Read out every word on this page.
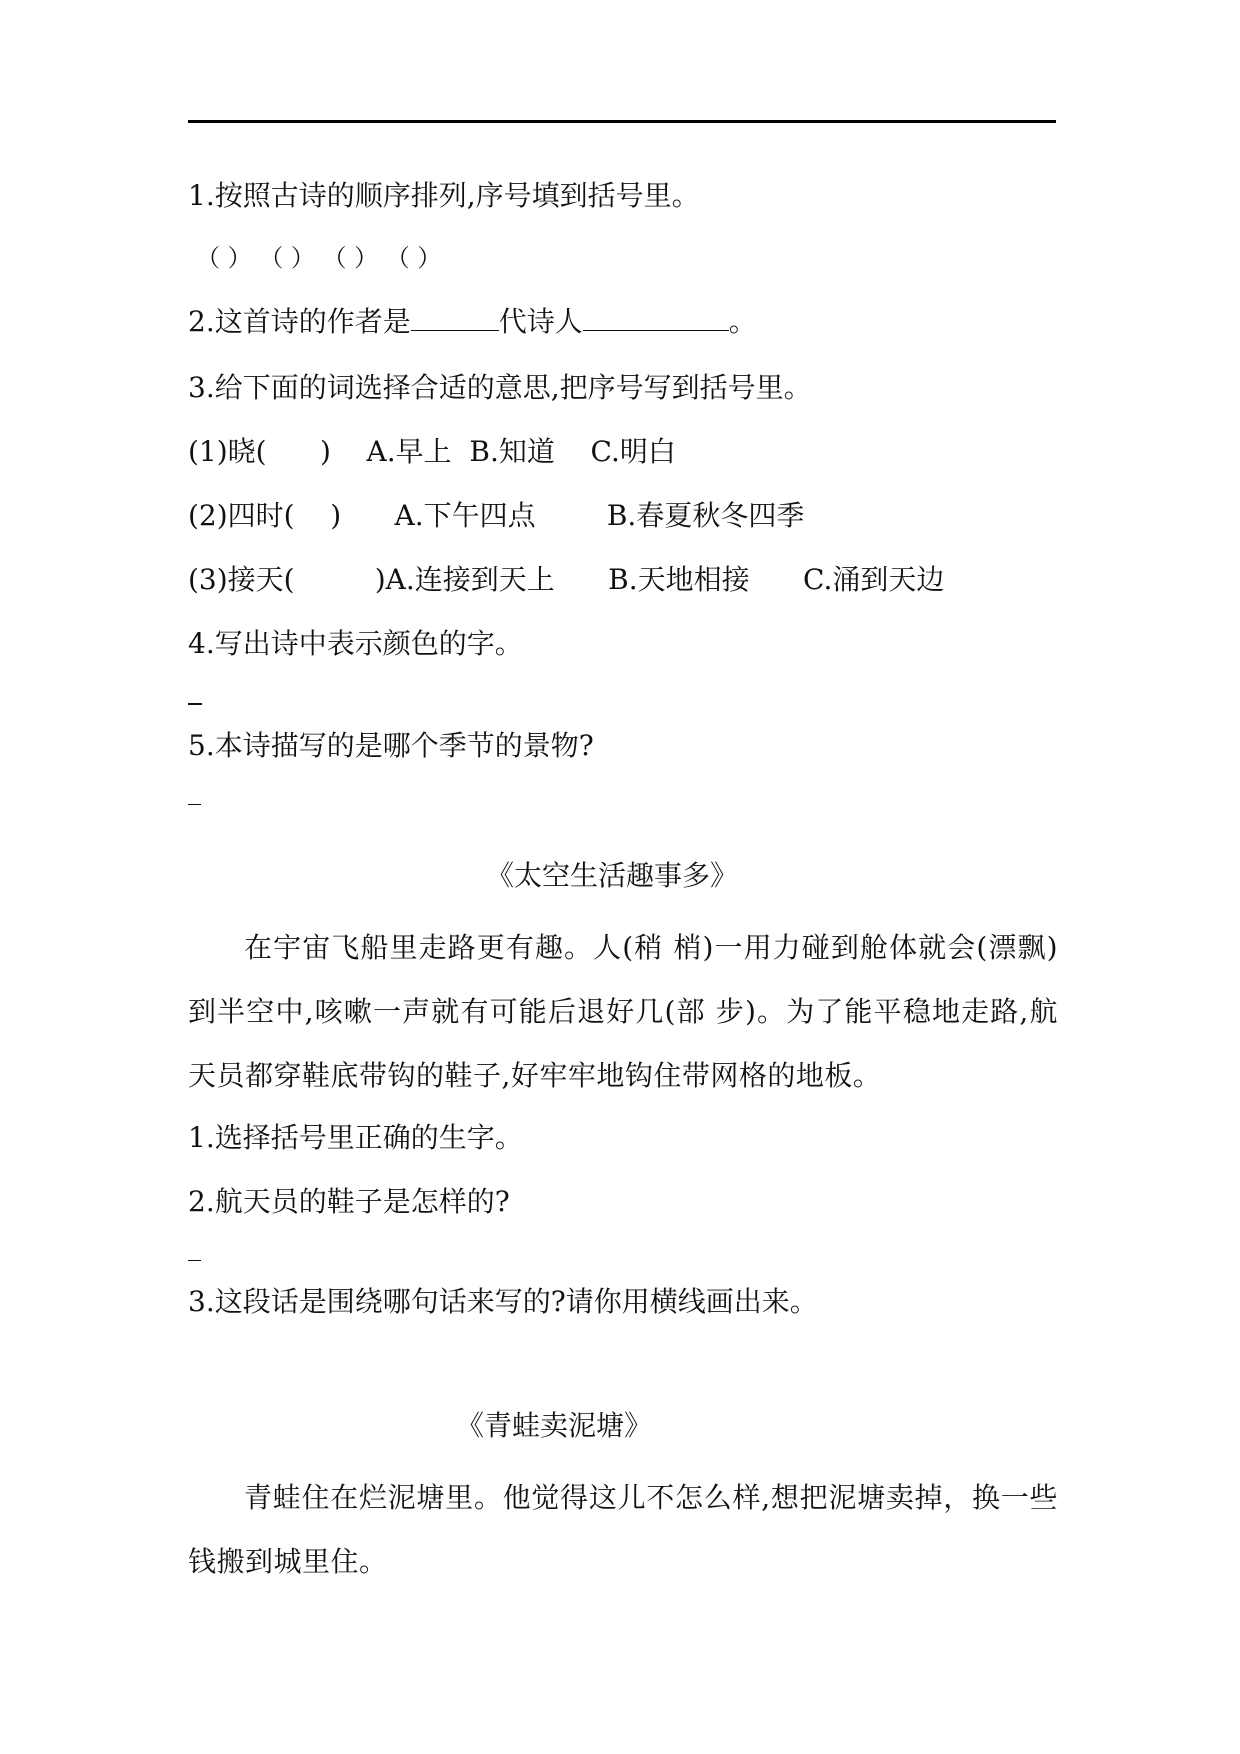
1.按照古诗的顺序排列,序号填到括号里。
（ ） （ ） （ ） （ ）
2.这首诗的作者是	代诗人	。
3.给下面的词选择合适的意思,把序号写到括号里。
(1)晓(      )    A.早上  B.知道    C.明白
(2)四时(    )      A.下午四点        B.春夏秋冬四季
(3)接天(         )A.连接到天上      B.天地相接      C.涌到天边
4.写出诗中表示颜色的字。
5.本诗描写的是哪个季节的景物?
《太空生活趣事多》
在宇宙飞船里走路更有趣。人(稍 梢)一用力碰到舱体就会(漂飘)到半空中,咳嗽一声就有可能后退好几(部 步)。为了能平稳地走路,航天员都穿鞋底带钩的鞋子,好牢牢地钩住带网格的地板。
1.选择括号里正确的生字。
2.航天员的鞋子是怎样的?
3.这段话是围绕哪句话来写的?请你用横线画出来。
《青蛙卖泥塘》
青蛙住在烂泥塘里。他觉得这儿不怎么样,想把泥塘卖掉，换一些钱搬到城里住。
